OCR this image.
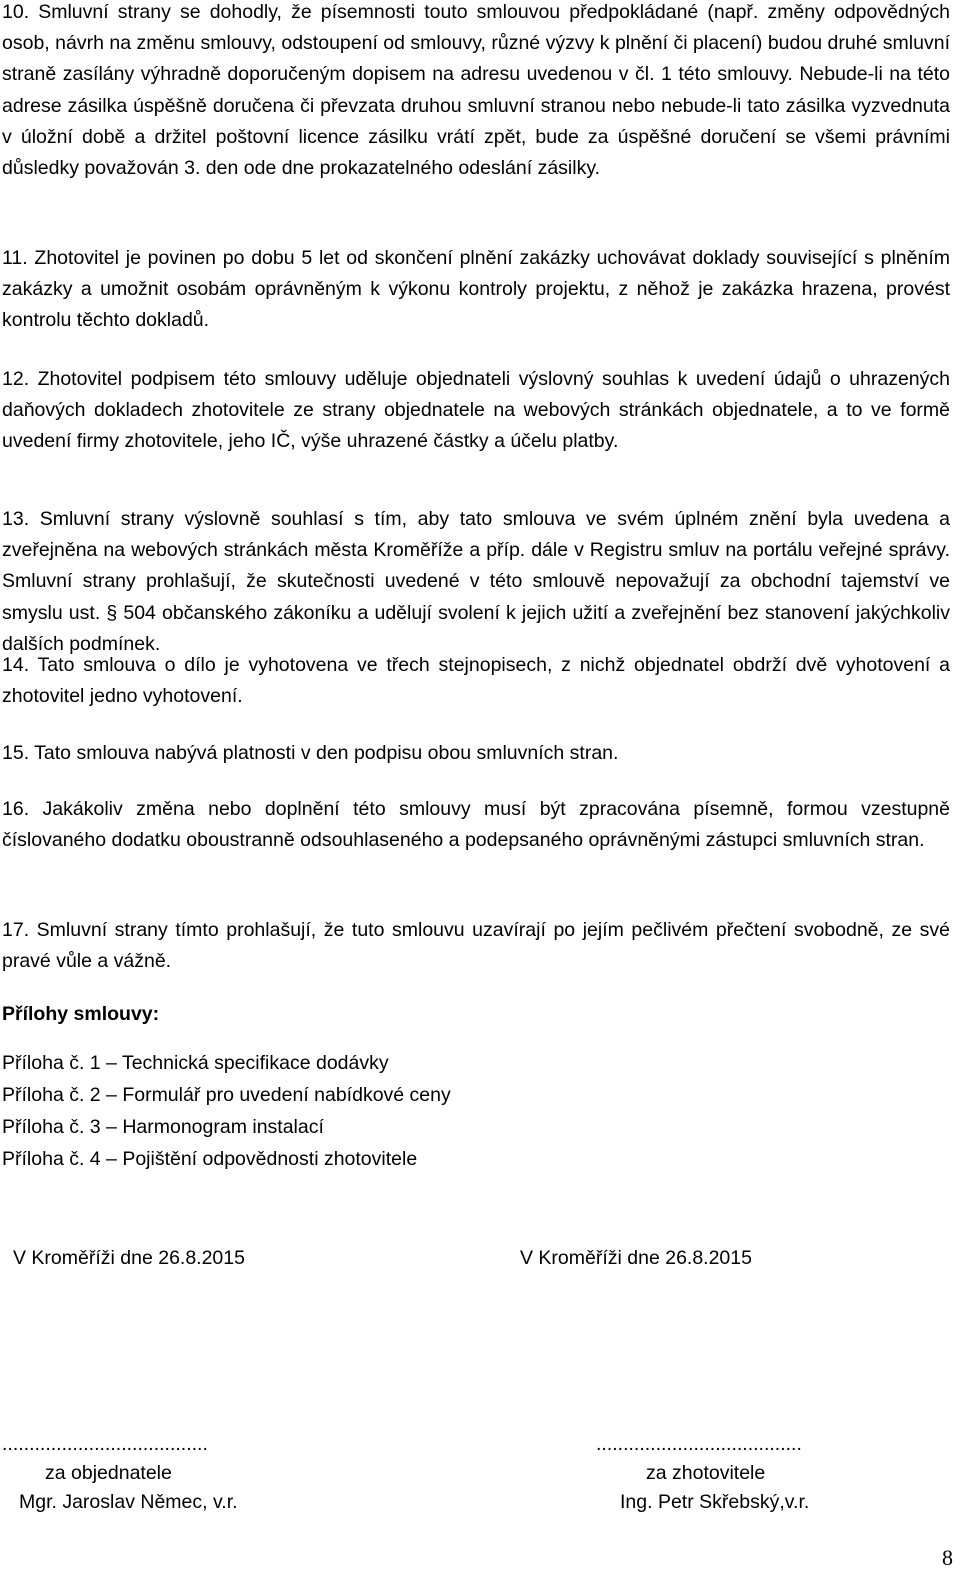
10. Smluvní strany se dohodly, že písemnosti touto smlouvou předpokládané (např. změny odpovědných osob, návrh na změnu smlouvy, odstoupení od smlouvy, různé výzvy k plnění či placení) budou druhé smluvní straně zasílány výhradně doporučeným dopisem na adresu uvedenou v čl. 1 této smlouvy. Nebude-li na této adrese zásilka úspěšně doručena či převzata druhou smluvní stranou nebo nebude-li tato zásilka vyzvednuta v úložní době a držitel poštovní licence zásilku vrátí zpět, bude za úspěšné doručení se všemi právními důsledky považován 3. den ode dne prokazatelného odeslání zásilky.

11. Zhotovitel je povinen po dobu 5 let od skončení plnění zakázky uchovávat doklady související s plněním zakázky a umožnit osobám oprávněným k výkonu kontroly projektu, z něhož je zakázka hrazena, provést kontrolu těchto dokladů.

12. Zhotovitel podpisem této smlouvy uděluje objednateli výslovný souhlas k uvedení údajů o uhrazených daňových dokladech zhotovitele ze strany objednatele na webových stránkách objednatele, a to ve formě uvedení firmy zhotovitele, jeho IČ, výše uhrazené částky a účelu platby.

13. Smluvní strany výslovně souhlasí s tím, aby tato smlouva ve svém úplném znění byla uvedena a zveřejněna na webových stránkách města Kroměříže a příp. dále v Registru smluv na portálu veřejné správy. Smluvní strany prohlašují, že skutečnosti uvedené v této smlouvě nepovažují za obchodní tajemství ve smyslu ust. § 504 občanského zákoníku a udělují svolení k jejich užití a zveřejnění bez stanovení jakýchkoliv dalších podmínek.

14. Tato smlouva o dílo je vyhotovena ve třech stejnopisech, z nichž objednatel obdrží dvě vyhotovení a zhotovitel jedno vyhotovení.

15. Tato smlouva nabývá platnosti v den podpisu obou smluvních stran.

16. Jakákoliv změna nebo doplnění této smlouvy musí být zpracována písemně, formou vzestupně číslovaného dodatku oboustranně odsouhlaseného a podepsaného oprávněnými zástupci smluvních stran.

17. Smluvní strany tímto prohlašují, že tuto smlouvu uzavírají po jejím pečlivém přečtení svobodně, ze své pravé vůle a vážně.

Přílohy smlouvy:

Příloha č. 1 – Technická specifikace dodávky
Příloha č. 2 – Formulář pro uvedení nabídkové ceny
Příloha č. 3 – Harmonogram instalací
Příloha č. 4 – Pojištění odpovědnosti zhotovitele

V Kroměříži dne 26.8.2015	V Kroměříži dne 26.8.2015

......................................
za objednatele
Mgr. Jaroslav Němec, v.r.
......................................
za zhotovitele
Ing. Petr Skřebský,v.r.

8
